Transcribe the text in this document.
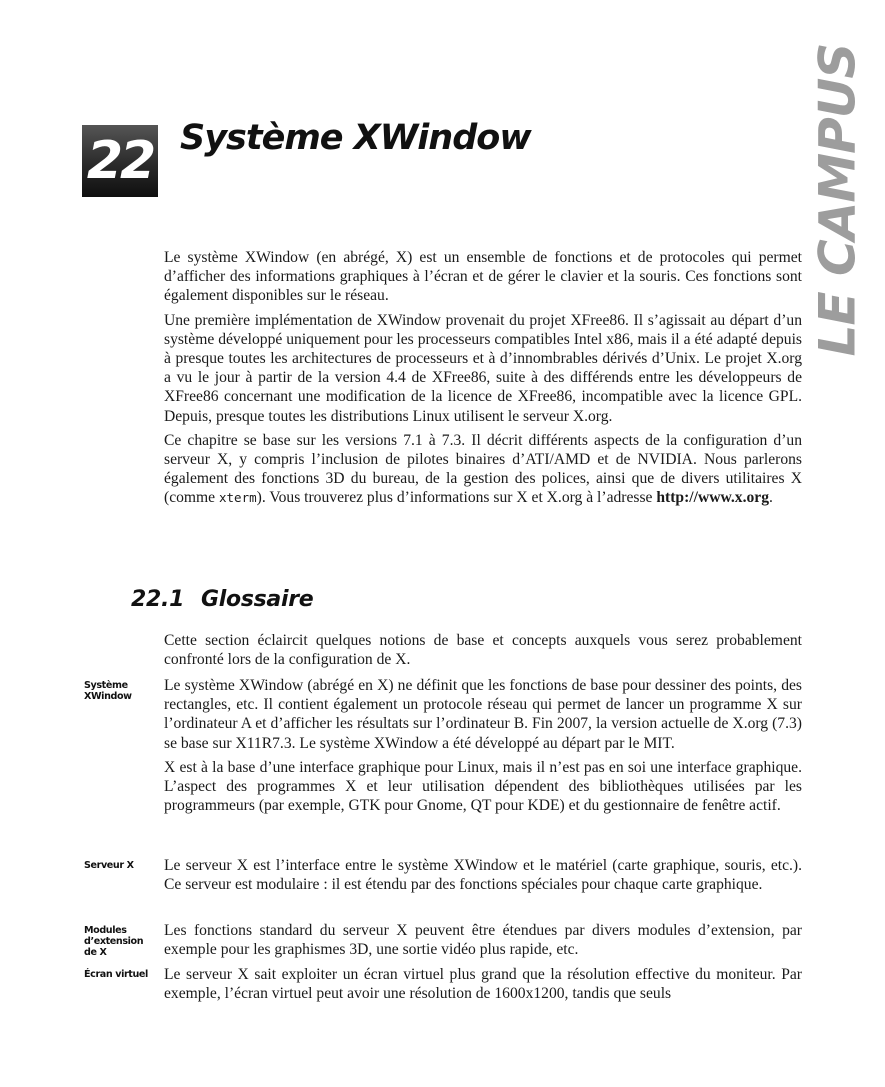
LE CAMPUS
22 Système XWindow

Le système XWindow (en abrégé, X) est un ensemble de fonctions et de protocoles qui permet d’afficher des informations graphiques à l’écran et de gérer le clavier et la souris. Ces fonctions sont également disponibles sur le réseau.

Une première implémentation de XWindow provenait du projet XFree86. Il s’agissait au départ d’un système développé uniquement pour les processeurs compatibles Intel x86, mais il a été adapté depuis à presque toutes les architectures de processeurs et à d’innombrables dérivés d’Unix. Le projet X.org a vu le jour à partir de la version 4.4 de XFree86, suite à des différends entre les développeurs de XFree86 concernant une modification de la licence de XFree86, incompatible avec la licence GPL. Depuis, presque toutes les distributions Linux utilisent le serveur X.org.

Ce chapitre se base sur les versions 7.1 à 7.3. Il décrit différents aspects de la configuration d’un serveur X, y compris l’inclusion de pilotes binaires d’ATI/AMD et de NVIDIA. Nous parlerons également des fonctions 3D du bureau, de la gestion des polices, ainsi que de divers utilitaires X (comme xterm). Vous trouverez plus d’informations sur X et X.org à l’adresse http://www.x.org.

22.1 Glossaire

Cette section éclaircit quelques notions de base et concepts auxquels vous serez probablement confronté lors de la configuration de X.

Système XWindow

Le système XWindow (abrégé en X) ne définit que les fonctions de base pour dessiner des points, des rectangles, etc. Il contient également un protocole réseau qui permet de lancer un programme X sur l’ordinateur A et d’afficher les résultats sur l’ordinateur B. Fin 2007, la version actuelle de X.org (7.3) se base sur X11R7.3. Le système XWindow a été développé au départ par le MIT.

X est à la base d’une interface graphique pour Linux, mais il n’est pas en soi une interface graphique. L’aspect des programmes X et leur utilisation dépendent des bibliothèques utilisées par les programmeurs (par exemple, GTK pour Gnome, QT pour KDE) et du gestionnaire de fenêtre actif.

Serveur X	Le serveur X est l’interface entre le système XWindow et le matériel (carte graphique, souris, etc.). Ce serveur est modulaire : il est étendu par des fonctions spéciales pour chaque carte graphique.

Modules d’extension de X

Les fonctions standard du serveur X peuvent être étendues par divers modules d’extension, par exemple pour les graphismes 3D, une sortie vidéo plus rapide, etc.

Écran virtuel	Le serveur X sait exploiter un écran virtuel plus grand que la résolution effective du moniteur. Par exemple, l’écran virtuel peut avoir une résolution de 1600x1200, tandis que seuls
